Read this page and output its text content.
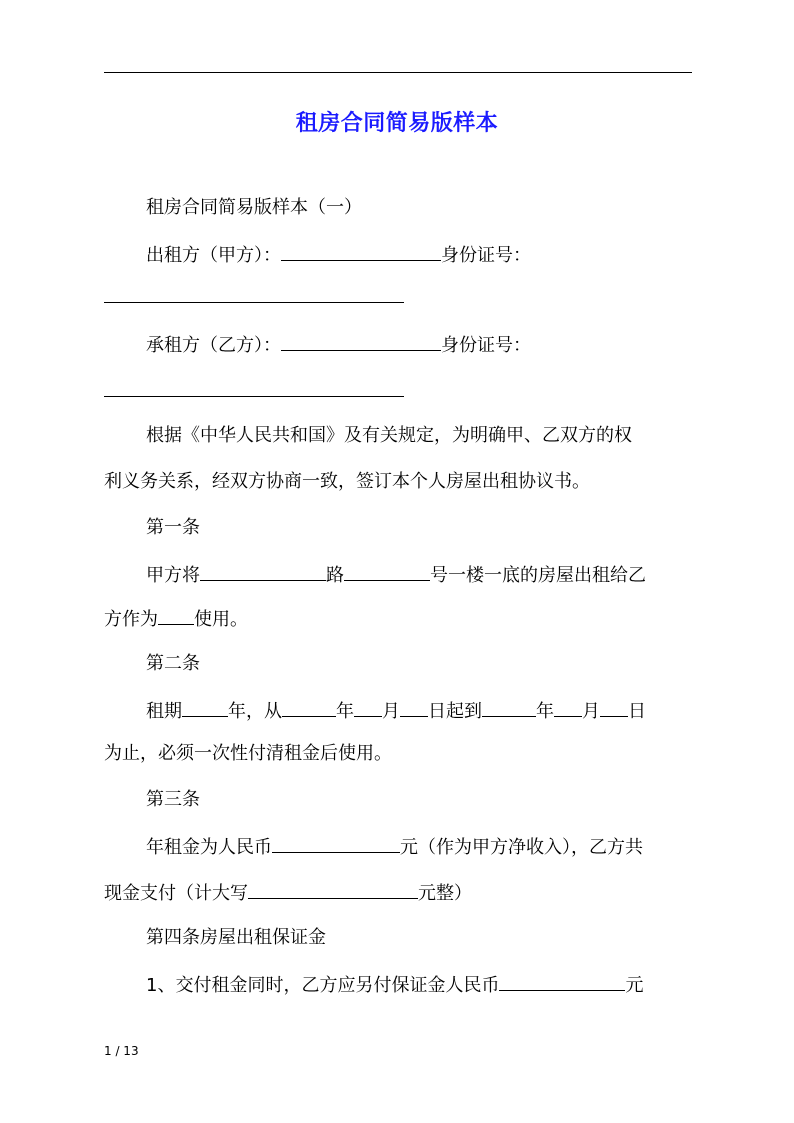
租房合同简易版样本
租房合同简易版样本（一）
出租方（甲方）：	身份证号：
承租方（乙方）：	身份证号：
根据《中华人民共和国》及有关规定，为明确甲、乙双方的权
利义务关系，经双方协商一致，签订本个人房屋出租协议书。
第一条
甲方将	路	号一楼一底的房屋出租给乙
方作为 使用。
第二条
租期	年，从	年 月 日起到	年 月 日
为止，必须一次性付清租金后使用。
第三条
年租金为人民币	元（作为甲方净收入），乙方共
现金支付（计大写	元整）
第四条房屋出租保证金
1、交付租金同时，乙方应另付保证金人民币	元
1 / 13
